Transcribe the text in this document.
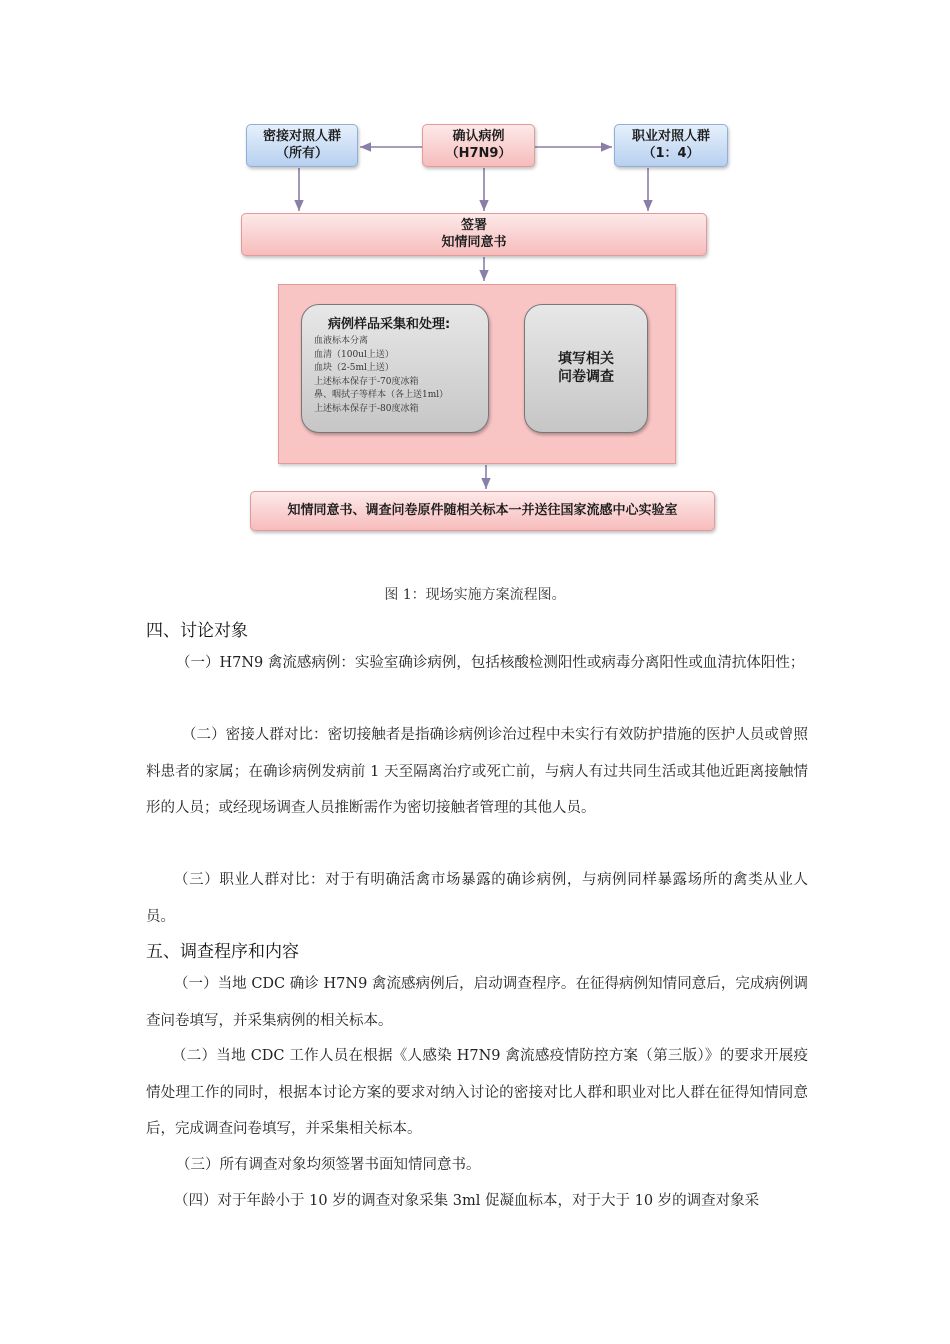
密接对照人群
（所有）
确认病例
（H7N9）
职业对照人群
（1：4）
签署
知情同意书
病例样品采集和处理:
血液标本分离
血清（100ul上送）
血块（2-5ml上送）
上述标本保存于-70度冰箱
鼻、咽拭子等样本（各上送1ml）
上述标本保存于-80度冰箱
填写相关
问卷调查
知情同意书、调查问卷原件随相关标本一并送往国家流感中心实验室
图 1：现场实施方案流程图。
四、讨论对象

（一）H7N9 禽流感病例：实验室确诊病例，包括核酸检测阳性或病毒分离阳性或血清抗体阳性；

（二）密接人群对比：密切接触者是指确诊病例诊治过程中未实行有效防护措施的医护人员或曾照料患者的家属；在确诊病例发病前 1 天至隔离治疗或死亡前，与病人有过共同生活或其他近距离接触情形的人员；或经现场调查人员推断需作为密切接触者管理的其他人员。

（三）职业人群对比：对于有明确活禽市场暴露的确诊病例，与病例同样暴露场所的禽类从业人员。

五、调查程序和内容

（一）当地 CDC 确诊 H7N9 禽流感病例后，启动调查程序。在征得病例知情同意后，完成病例调查问卷填写，并采集病例的相关标本。

（二）当地 CDC 工作人员在根据《人感染 H7N9 禽流感疫情防控方案（第三版）》的要求开展疫情处理工作的同时，根据本讨论方案的要求对纳入讨论的密接对比人群和职业对比人群在征得知情同意后，完成调查问卷填写，并采集相关标本。

（三）所有调查对象均须签署书面知情同意书。

（四）对于年龄小于 10 岁的调查对象采集 3ml 促凝血标本，对于大于 10 岁的调查对象采
